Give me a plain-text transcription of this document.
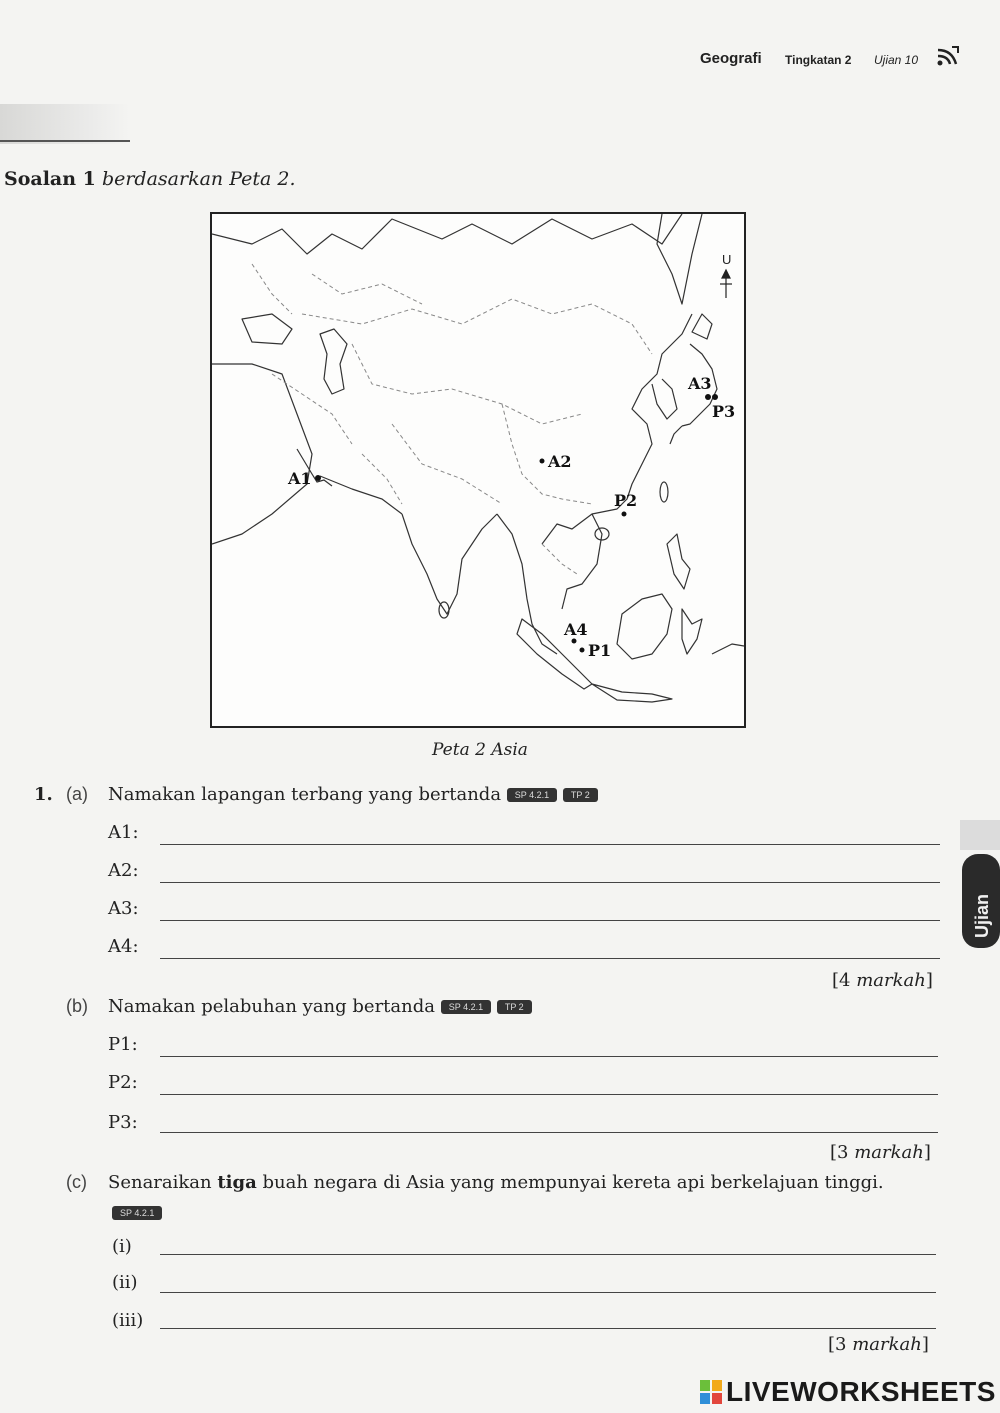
Geografi Tingkatan 2 Ujian 10
Soalan 1 berdasarkan Peta 2.
U
A1
A2
A3
A4
P1
P2
P3
Peta 2 Asia
1. (a) Namakan lapangan terbang yang bertanda SP 4.2.1 TP 2
A1:
A2:
A3:
A4:
[4 markah]
(b) Namakan pelabuhan yang bertanda SP 4.2.1 TP 2
P1:
P2:
P3:
[3 markah]
(c) Senaraikan tiga buah negara di Asia yang mempunyai kereta api berkelajuan tinggi.
SP 4.2.1
(i)
(ii)
(iii)
[3 markah]
Ujian
LIVEWORKSHEETS
